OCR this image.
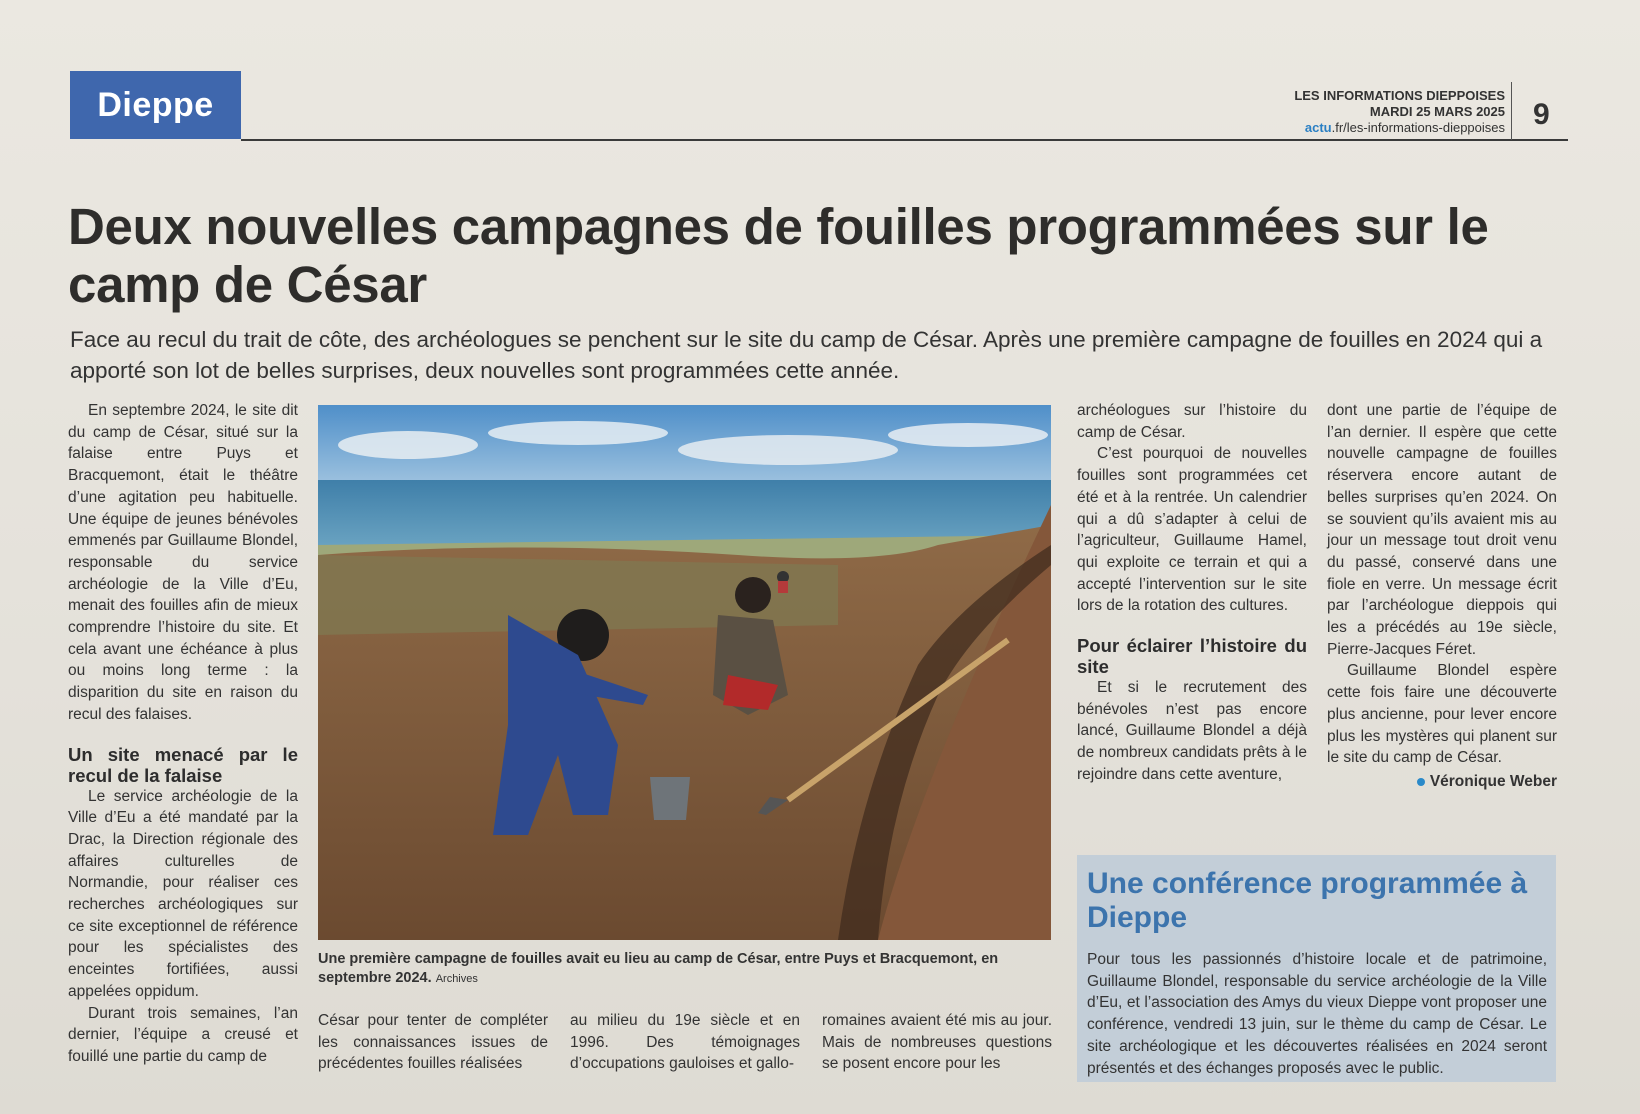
Dieppe	LES INFORMATIONS DIEPPOISES
MARDI 25 MARS 2025
actu.fr/les-informations-dieppoises 9
Deux nouvelles campagnes de fouilles programmées sur le camp de César

Face au recul du trait de côte, des archéologues se penchent sur le site du camp de César. Après une première campagne de fouilles en 2024 qui a apporté son lot de belles surprises, deux nouvelles sont programmées cette année.

En septembre 2024, le site dit du camp de César, situé sur la falaise entre Puys et Bracquemont, était le théâtre d’une agitation peu habituelle. Une équipe de jeunes bénévoles emmenés par Guillaume Blondel, responsable du service archéologie de la Ville d’Eu, menait des fouilles afin de mieux comprendre l’histoire du site. Et cela avant une échéance à plus ou moins long terme : la disparition du site en raison du recul des falaises.

Un site menacé par le recul de la falaise

Le service archéologie de la Ville d’Eu a été mandaté par la Drac, la Direction régionale des affaires culturelles de Normandie, pour réaliser ces recherches archéologiques sur ce site exceptionnel de référence pour les spécialistes des enceintes fortifiées, aussi appelées oppidum.

Durant trois semaines, l’an dernier, l’équipe a creusé et fouillé une partie du camp de

Une première campagne de fouilles avait eu lieu au camp de César, entre Puys et Bracquemont, en septembre 2024. Archives

César pour tenter de compléter les connaissances issues de précédentes fouilles réalisées

au milieu du 19e siècle et en 1996. Des témoignages d’occupations gauloises et gallo-

romaines avaient été mis au jour. Mais de nombreuses questions se posent encore pour les

archéologues sur l’histoire du camp de César.

C’est pourquoi de nouvelles fouilles sont programmées cet été et à la rentrée. Un calendrier qui a dû s’adapter à celui de l’agriculteur, Guillaume Hamel, qui exploite ce terrain et qui a accepté l’intervention sur le site lors de la rotation des cultures.

Pour éclairer l’histoire du site

Et si le recrutement des bénévoles n’est pas encore lancé, Guillaume Blondel a déjà de nombreux candidats prêts à le rejoindre dans cette aventure,

dont une partie de l’équipe de l’an dernier. Il espère que cette nouvelle campagne de fouilles réservera encore autant de belles surprises qu’en 2024. On se souvient qu’ils avaient mis au jour un message tout droit venu du passé, conservé dans une fiole en verre. Un message écrit par l’archéologue dieppois qui les a précédés au 19e siècle, Pierre-Jacques Féret.

Guillaume Blondel espère cette fois faire une découverte plus ancienne, pour lever encore plus les mystères qui planent sur le site du camp de César.

Véronique Weber
Une conférence programmée à Dieppe

Pour tous les passionnés d’histoire locale et de patrimoine, Guillaume Blondel, responsable du service archéologie de la Ville d’Eu, et l’association des Amys du vieux Dieppe vont proposer une conférence, vendredi 13 juin, sur le thème du camp de César. Le site archéologique et les découvertes réalisées en 2024 seront présentés et des échanges proposés avec le public.
